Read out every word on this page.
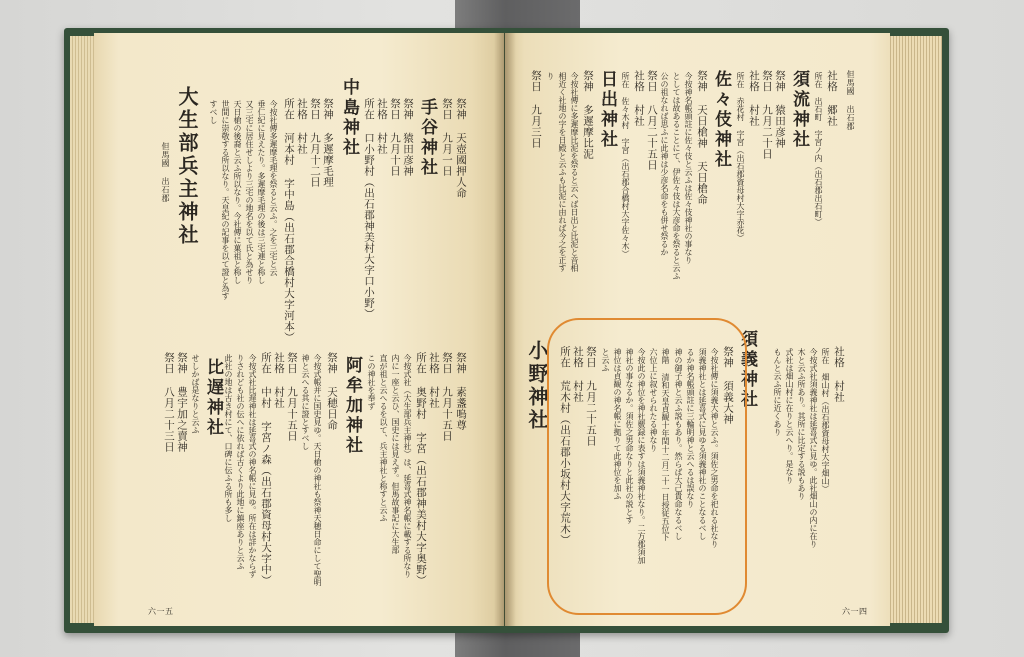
但馬國 出石郡
但馬國 出石郡
六一五	六一四
祭神 天壺國押人命
祭日 九月一日
手谷神社
祭神 猿田彦神
祭日 九月十日
社格 村社
所在 口小野村（出石郡神美村大字口小野）
中島神社
祭神 多遲摩毛理
祭日 九月十二日
社格 村社
所在 河本村 字中島（出石郡合橋村大字河本）
今按社傳多遲摩毛理を祭ると云ふ。之を三宅と云
垂仁紀に見えたり。多遲摩毛理の後は三宅連と称し
又三宅に居住せしより三宅の地名を以て氏と為せり
天日槍の後裔と云ふ所以なり。今社傳に菓祖と称し
世間に崇敬する所以なり。天皇紀の記事を以て證と為す
すべし
大生部兵主神社
祭神 素盞嗚尊
祭日 九月十五日
社格 村社
所在 奥野村 字宮（出石郡神美村大字奥野）
今按式社（大生部兵主神社）は、延喜式神名帳に載する所なり
内に一座と云ひ、国史には見えず。但馬故事記に大生部
直が祖と云へるを以て、兵主神社と称すと云ふ
この神社を奉ず
阿牟加神社
祭神 天穂日命
今按式帳并に国史見ゆ。天日槍の神社も祭神天穂日命にして聖明
神と云へる其に證とすべし
比遅神社	祭日 九月十五日
社格 村社
所在 中村 字宮ノ森（出石郡資母村大字中）
今按式社比遅神社は延喜式の神名帳に見ゆ。所在は詳かならず
りされども社の伝へに依れば古くより此地に鎮座ありと云ふ
此社の地は古き村にて、口碑に伝ふる所も多し
せしかば是なりと云ふ
祭神 豊宇加之賣神
祭日 八月二十三日
社格 郷社
所在 出石町 字宮ノ内（出石郡出石町）
須流神社
祭神 猿田彦神
祭日 九月二十日
社格 村社
所在 赤花村 字宮（出石郡資母村大字赤花）
佐々伎神社
祭神 天日槍神 天日槍命
今按神名帳頭註に佐々伎と云ふは佐々伎神社の事なり
としては故あることにて、伊佐々伎は大彦命を祭ると云ふ
公の祖なれば思ふに此神は少彦名命をも併せ祭るか
祭日 八月二十五日
社格 村社
所在 佐々木村 字宮（出石郡合橋村大字佐々木）
日出神社
祭神 多遲摩比泥
今按社傳に多遲摩比泥を祭ると云へば日出と比泥と音相
相近く社地の字を日殿と云ふも比泥に由れば今之を正す
り
祭日 九月三日
社格 村社
所在 畑山村（出石郡資母村大字畑山）
今按式社須義神社は延喜式に見ゆ。此社畑山の内に在り
木と云ふ所あり。其所に比定する説もあり
式社は畑山村に在りと云へり。是なり
もんと云ふ所に近くあり
須義神社
祭神 須義大神
今按社傳に須義大神と云ふ。須佐之男命を祀れる社なり
須義神社とは延喜式に見ゆる須義神社のことなるべし
るか神名帳頭註に三輪明神と云へるは誤なり
神の御子神と云ふ説もあり。然らば大己貴命なるべし
神階 清和天皇貞観十年閏十二月二十一日授従五位下
六位上に叙せられたる神なり
今按此の神位を神社覈録に表すは須義神社なり。二方郡須加
神社の事なるか。須佐之男命なりと此社の説とす
神位は貞観の神名帳に拠りて此神位を加ふ
と云ふ
祭日 九月二十五日
社格 村社
所在 荒木村（出石郡小坂村大字荒木）
小野神社
